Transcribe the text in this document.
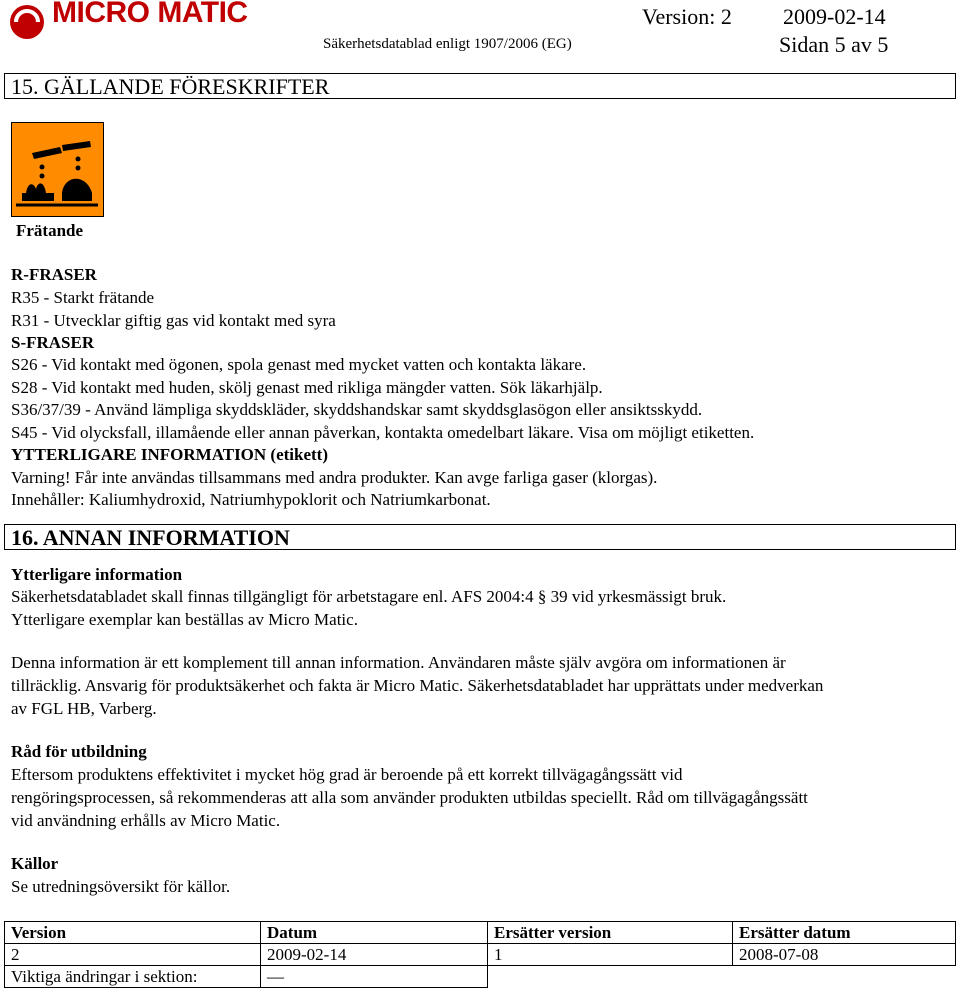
MICRO MATIC
Säkerhetsdatablad enligt 1907/2006 (EG)
Version: 2 2009-02-14
Sidan 5 av 5
15. GÄLLANDE FÖRESKRIFTER
Frätande
R-FRASER
R35 - Starkt frätande
R31 - Utvecklar giftig gas vid kontakt med syra
S-FRASER
S26 - Vid kontakt med ögonen, spola genast med mycket vatten och kontakta läkare.
S28 - Vid kontakt med huden, skölj genast med rikliga mängder vatten. Sök läkarhjälp.
S36/37/39 - Använd lämpliga skyddskläder, skyddshandskar samt skyddsglasögon eller ansiktsskydd.
S45 - Vid olycksfall, illamående eller annan påverkan, kontakta omedelbart läkare. Visa om möjligt etiketten.
YTTERLIGARE INFORMATION (etikett)
Varning! Får inte användas tillsammans med andra produkter. Kan avge farliga gaser (klorgas).
Innehåller: Kaliumhydroxid, Natriumhypoklorit och Natriumkarbonat.
16. ANNAN INFORMATION
Ytterligare information
Säkerhetsdatabladet skall finnas tillgängligt för arbetstagare enl. AFS 2004:4 § 39 vid yrkesmässigt bruk.
Ytterligare exemplar kan beställas av Micro Matic.
Denna information är ett komplement till annan information. Användaren måste själv avgöra om informationen är
tillräcklig. Ansvarig för produktsäkerhet och fakta är Micro Matic. Säkerhetsdatabladet har upprättats under medverkan
av FGL HB, Varberg.
Råd för utbildning
Eftersom produktens effektivitet i mycket hög grad är beroende på ett korrekt tillvägagångssätt vid
rengöringsprocessen, så rekommenderas att alla som använder produkten utbildas speciellt. Råd om tillvägagångssätt
vid användning erhålls av Micro Matic.
Källor
Se utredningsöversikt för källor.
Version	Datum	Ersätter version	Ersätter datum
2	2009-02-14	1	2008-07-08
Viktiga ändringar i sektion:	—		
